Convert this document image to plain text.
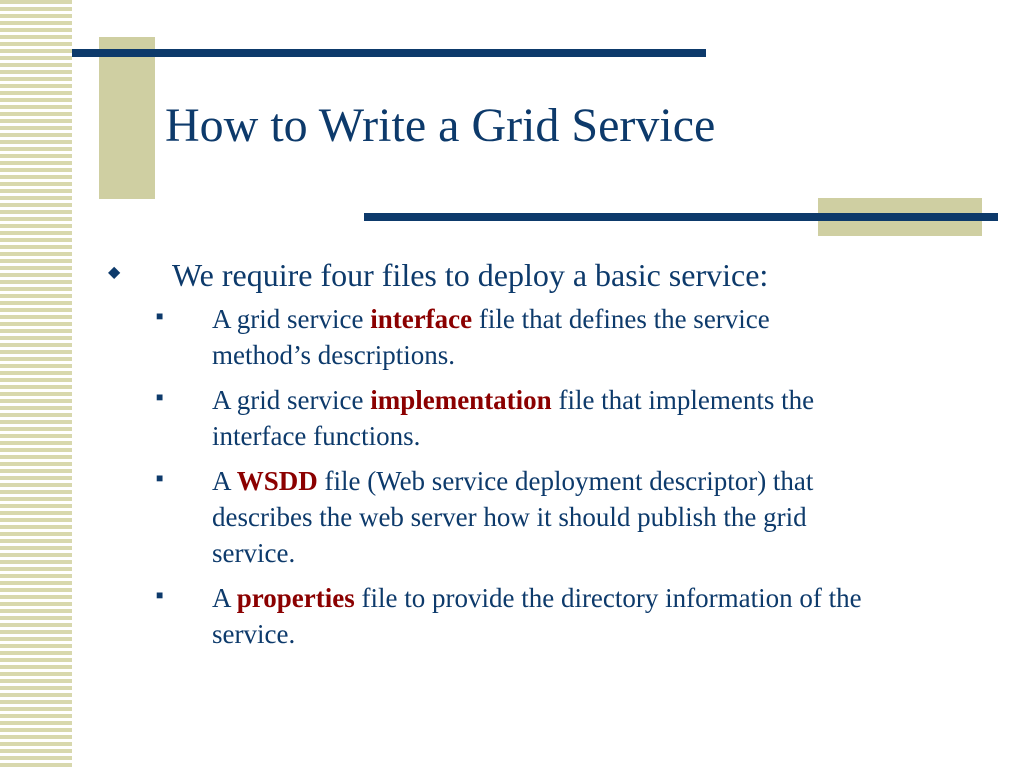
How to Write a Grid Service
◆ We require four files to deploy a basic service:
■ A grid service interface file that defines the service method’s descriptions.
■ A grid service implementation file that implements the interface functions.
■ A WSDD file (Web service deployment descriptor) that describes the web server how it should publish the grid service.
■ A properties file to provide the directory information of the service.
